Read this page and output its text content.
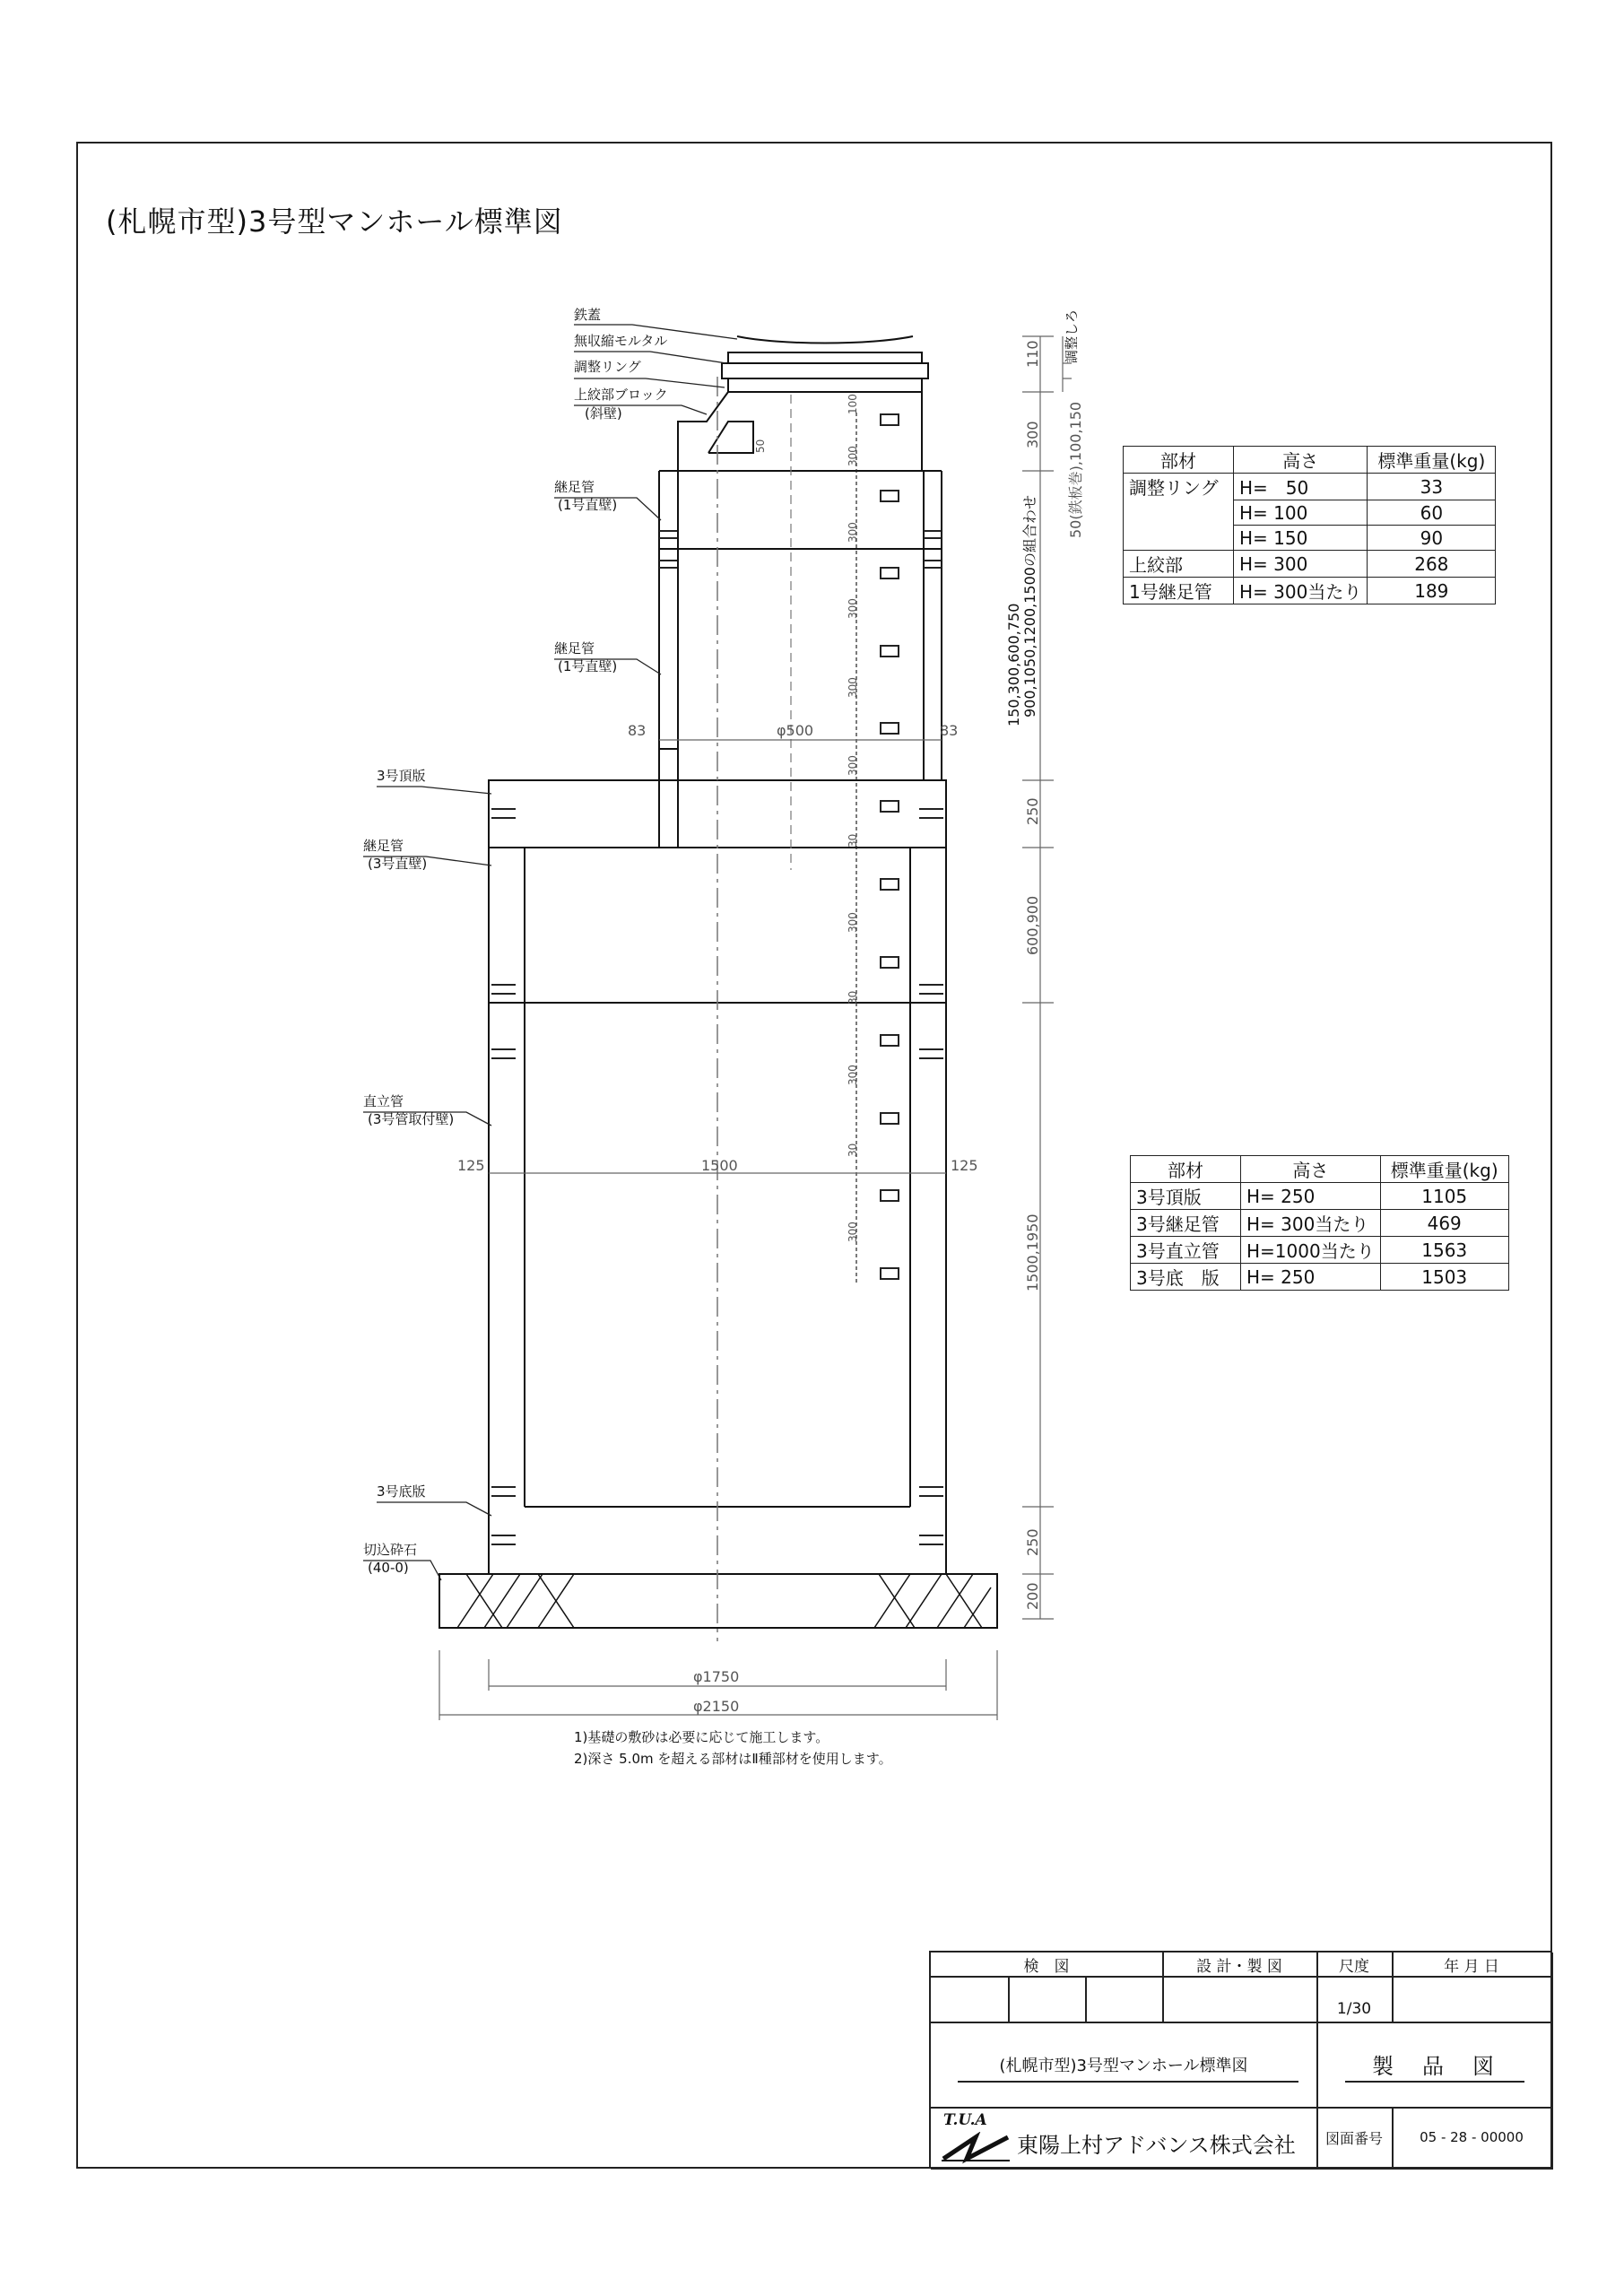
(札幌市型)3号型マンホール標準図
鉄蓋
無収縮モルタル
調整リング
上絞部ブロック
(斜壁)
継足管
(1号直壁)
継足管
(1号直壁)
3号頂版
継足管
(3号直壁)
直立管
(3号管取付壁)
3号底版
切込砕石
(40-0)
調整しろ
110
300 50(鉄板巻),100,150
150,300,600,750 900,1050,1200,1500の組合わせ
250
600,900
1500,1950
250
200
83	φ500	83
125	1500	125
φ1750
φ2150
50
100
300
300
300
300
300
30
300
30
300
30
300
部材	高さ	標準重量(kg)
調整リング	H=　50	33
	H= 100	60
	H= 150	90
上絞部	H= 300	268
1号継足管	H= 300当たり	189
部材	高さ	標準重量(kg)
3号頂版	H= 250	1105
3号継足管	H= 300当たり	469
3号直立管	H=1000当たり	1563
3号底　版	H= 250	1503
1)基礎の敷砂は必要に応じて施工します。
2)深さ 5.0m を超える部材はⅡ種部材を使用します。
検　図	設 計・製 図	尺度	年 月 日
1/30
(札幌市型)3号型マンホール標準図	製　品　図
T.U.A
東陽上村アドバンス株式会社	図面番号	05 - 28 - 00000
